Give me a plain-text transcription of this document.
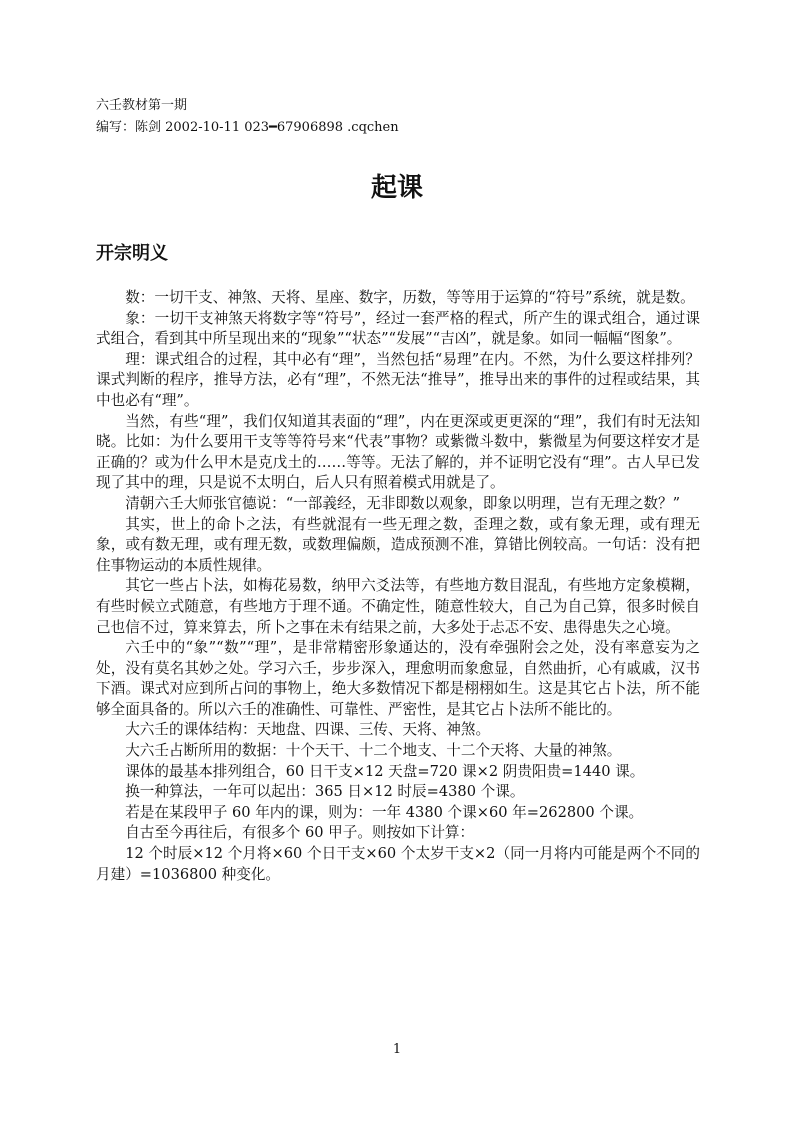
六壬教材第一期
编写：陈剑 2002-10-11 023━67906898 .cqchen
起课
开宗明义

数：一切干支、神煞、天将、星座、数字，历数，等等用于运算的“符号”系统，就是数。

象：一切干支神煞天将数字等“符号”，经过一套严格的程式，所产生的课式组合，通过课式组合，看到其中所呈现出来的“现象”“状态”“发展”“吉凶”，就是象。如同一幅幅“图象”。

理：课式组合的过程，其中必有“理”，当然包括“易理”在内。不然，为什么要这样排列？课式判断的程序，推导方法，必有“理”，不然无法“推导”，推导出来的事件的过程或结果，其中也必有“理”。

当然，有些“理”，我们仅知道其表面的“理”，内在更深或更更深的“理”，我们有时无法知晓。比如：为什么要用干支等等符号来“代表”事物？或紫微斗数中，紫微星为何要这样安才是正确的？或为什么甲木是克戊土的……等等。无法了解的，并不证明它没有“理”。古人早已发现了其中的理，只是说不太明白，后人只有照着模式用就是了。

清朝六壬大师张官德说：“一部義经，无非即数以观象，即象以明理，岂有无理之数？”

其实，世上的命卜之法，有些就混有一些无理之数，歪理之数，或有象无理，或有理无象，或有数无理，或有理无数，或数理偏颇，造成预测不准，算错比例较高。一句话：没有把住事物运动的本质性规律。

其它一些占卜法，如梅花易数，纳甲六爻法等，有些地方数目混乱，有些地方定象模糊，有些时候立式随意，有些地方于理不通。不确定性，随意性较大，自己为自己算，很多时候自己也信不过，算来算去，所卜之事在未有结果之前，大多处于忐忑不安、患得患失之心境。

六壬中的“象”“数”“理”，是非常精密形象通达的，没有牵强附会之处，没有率意妄为之处，没有莫名其妙之处。学习六壬，步步深入，理愈明而象愈显，自然曲折，心有戚戚，汉书下酒。课式对应到所占问的事物上，绝大多数情况下都是栩栩如生。这是其它占卜法，所不能够全面具备的。所以六壬的准确性、可靠性、严密性，是其它占卜法所不能比的。

大六壬的课体结构：天地盘、四课、三传、天将、神煞。

大六壬占断所用的数据：十个天干、十二个地支、十二个天将、大量的神煞。

课体的最基本排列组合，60 日干支×12 天盘=720 课×2 阴贵阳贵=1440 课。

换一种算法，一年可以起出：365 日×12 时辰=4380 个课。

若是在某段甲子 60 年内的课，则为：一年 4380 个课×60 年=262800 个课。

自古至今再往后，有很多个 60 甲子。则按如下计算：

12 个时辰×12 个月将×60 个日干支×60 个太岁干支×2（同一月将内可能是两个不同的月建）=1036800 种变化。

1
